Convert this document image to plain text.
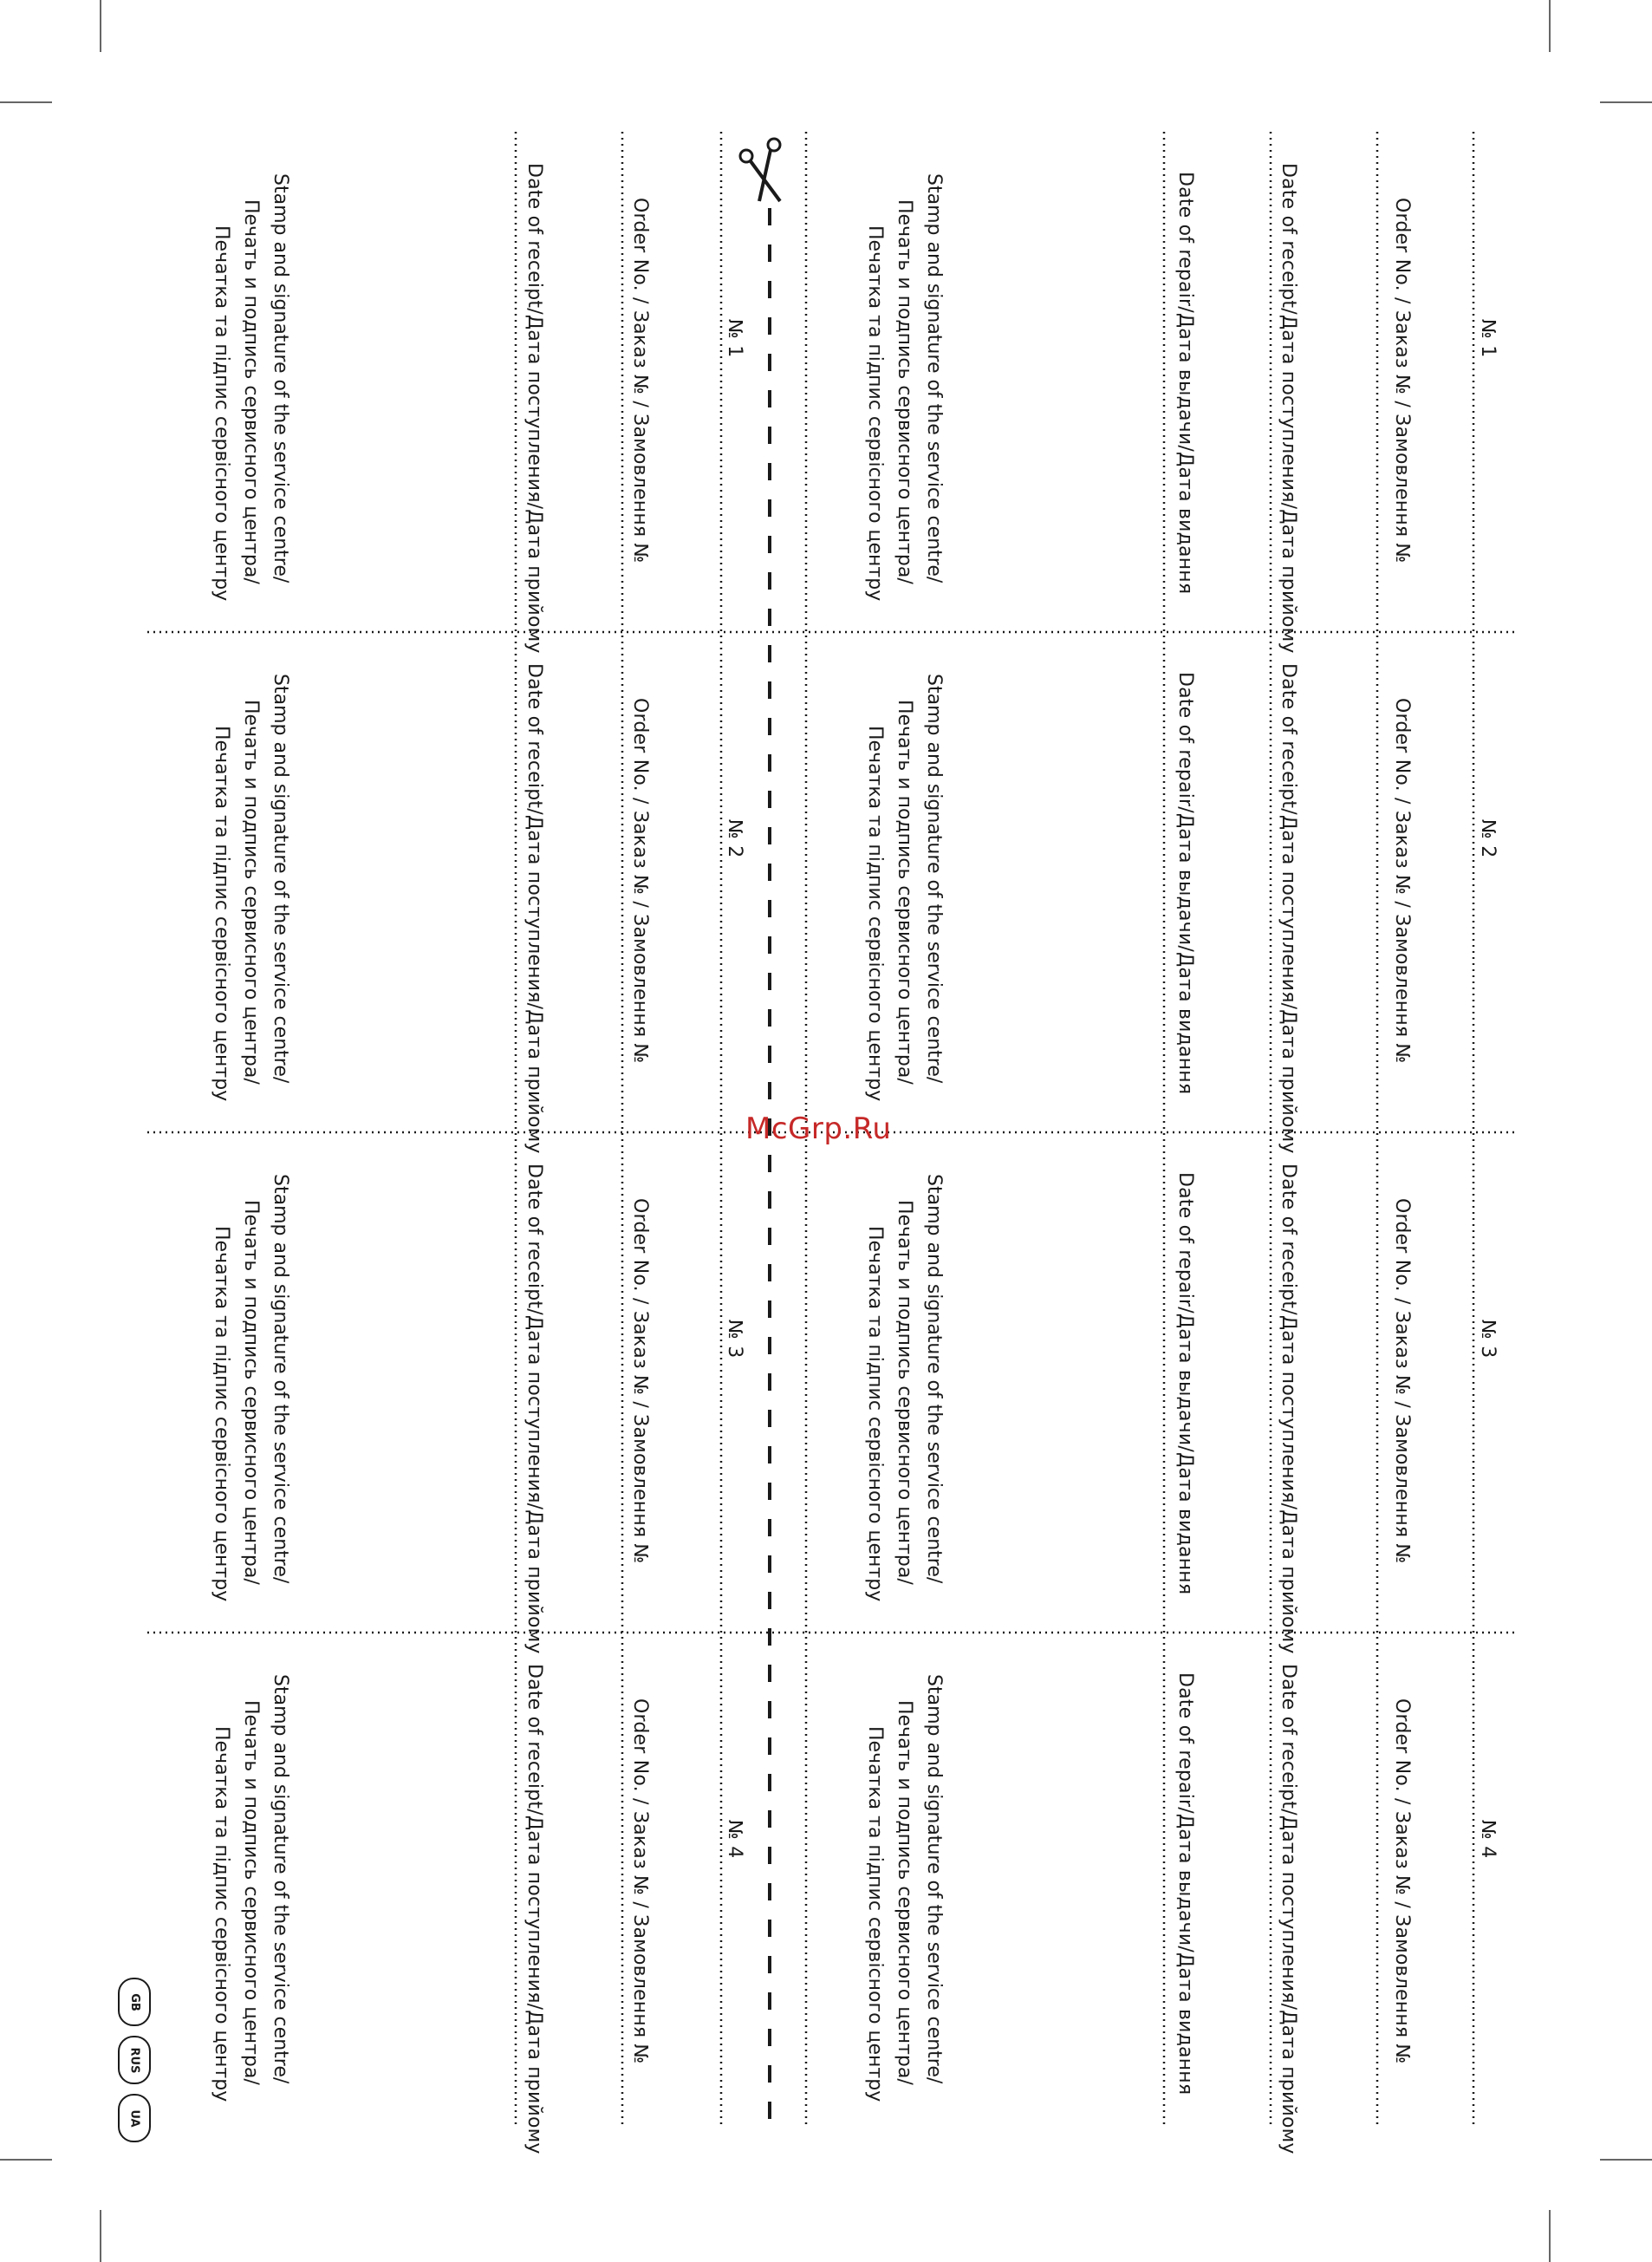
№ 1
Order No. / Заказ № / Замовлення №
Date of receipt/Дата поступления/Дата прийому
Date of repair/Дата выдачи/Дата видання
№ 1
Order No. / Заказ № / Замовлення №
Date of receipt/Дата поступления/Дата прийому	Stamp and signature of the service centre/
Печать и подпись сервисного центра/
Печатка та підпис сервісного центру
Stamp and signature of the service centre/
Печать и подпись сервисного центра/
Печатка та підпис сервісного центру
№ 2
Order No. / Заказ № / Замовлення №
Date of receipt/Дата поступления/Дата прийому
Date of repair/Дата выдачи/Дата видання
№ 2
Order No. / Заказ № / Замовлення №
Date of receipt/Дата поступления/Дата прийому	Stamp and signature of the service centre/
Печать и подпись сервисного центра/
Печатка та підпис сервісного центру
Stamp and signature of the service centre/
Печать и подпись сервисного центра/
Печатка та підпис сервісного центру
№ 3
Order No. / Заказ № / Замовлення №
Date of receipt/Дата поступления/Дата прийому
Date of repair/Дата выдачи/Дата видання
№ 3
Order No. / Заказ № / Замовлення №
Date of receipt/Дата поступления/Дата прийому	Stamp and signature of the service centre/
Печать и подпись сервисного центра/
Печатка та підпис сервісного центру
Stamp and signature of the service centre/
Печать и подпись сервисного центра/
Печатка та підпис сервісного центру
№ 4
Order No. / Заказ № / Замовлення №
Date of receipt/Дата поступления/Дата прийому
Date of repair/Дата выдачи/Дата видання
№ 4
Order No. / Заказ № / Замовлення №
Date of receipt/Дата поступления/Дата прийому	Stamp and signature of the service centre/
Печать и подпись сервисного центра/
Печатка та підпис сервісного центру
Stamp and signature of the service centre/
Печать и подпись сервисного центра/
Печатка та підпис сервісного центру
McGrp.Ru
GB
RUS
UA
